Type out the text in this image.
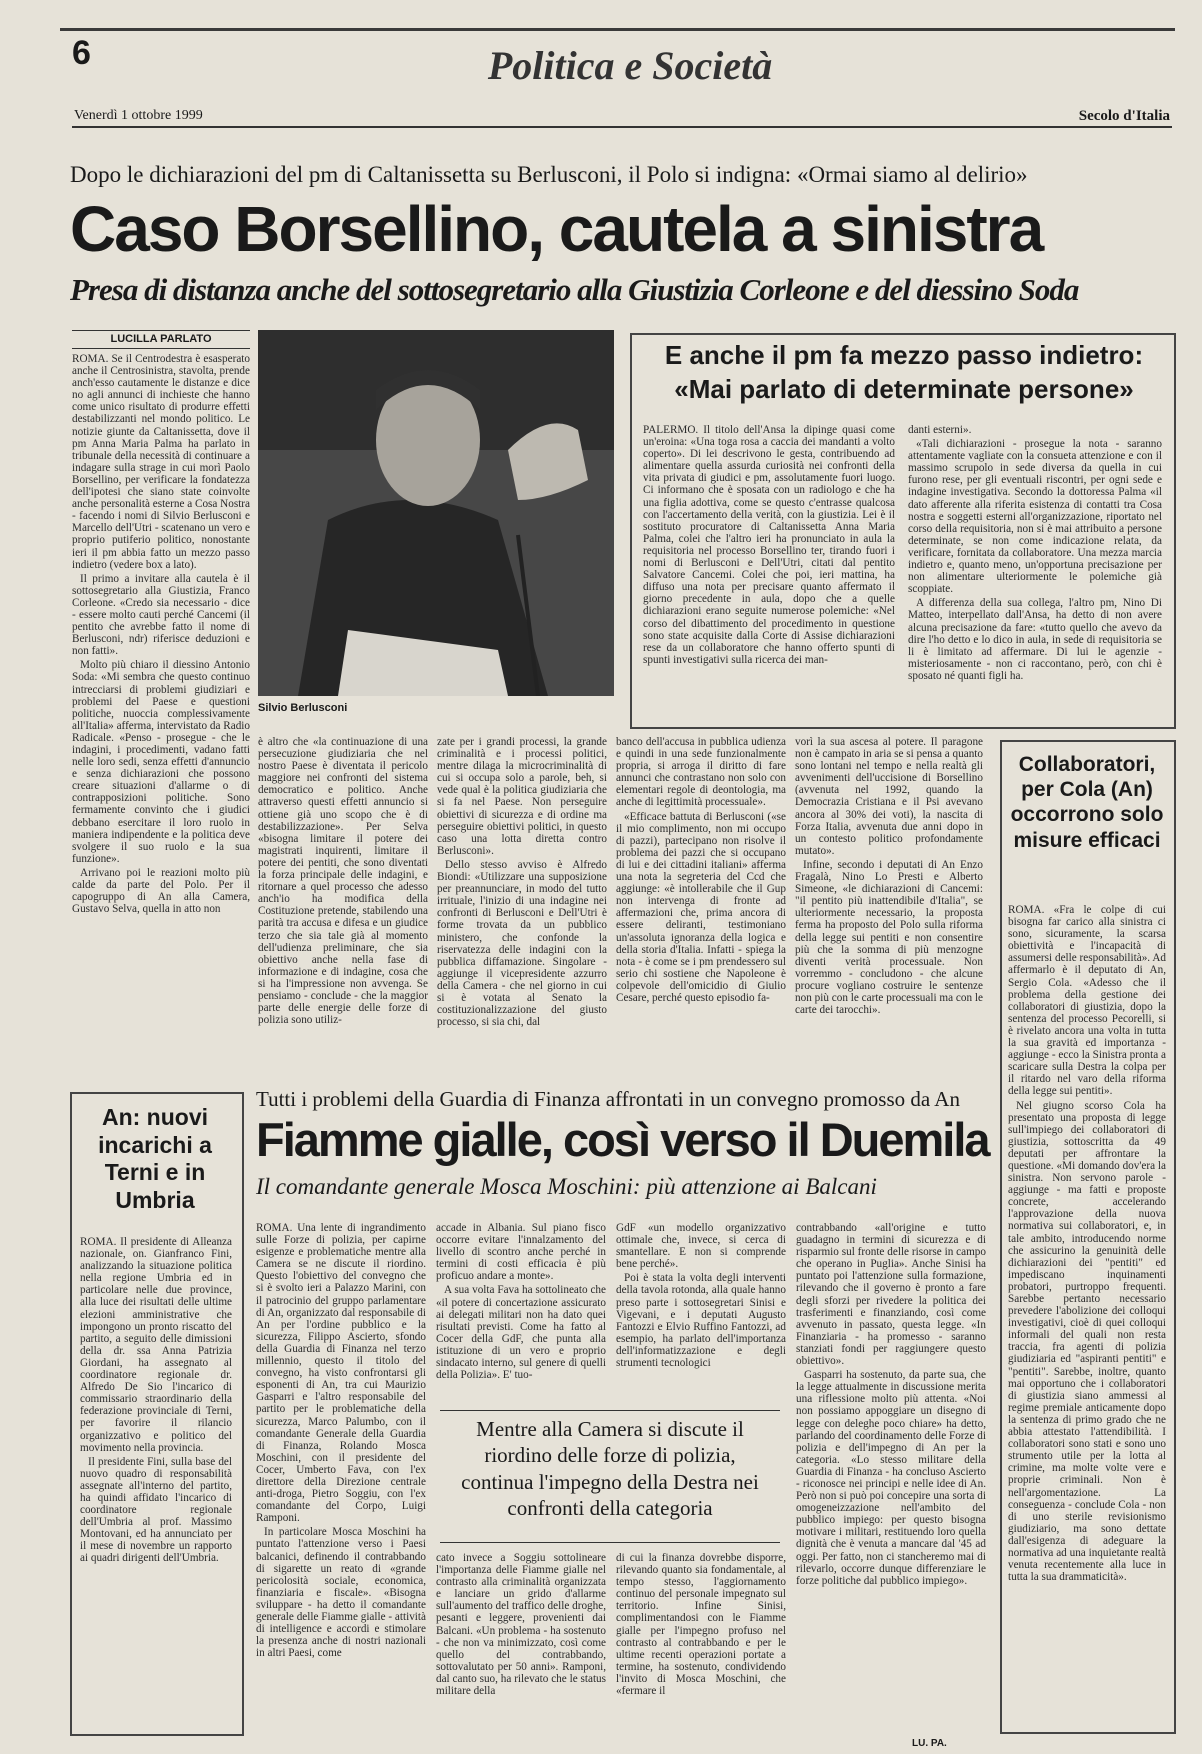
6	Politica e Società
Venerdì 1 ottobre 1999	Secolo d'Italia
Dopo le dichiarazioni del pm di Caltanissetta su Berlusconi, il Polo si indigna: «Ormai siamo al delirio»
Caso Borsellino, cautela a sinistra
Presa di distanza anche del sottosegretario alla Giustizia Corleone e del diessino Soda
LUCILLA PARLATO

ROMA. Se il Centrodestra è esasperato anche il Centrosinistra, stavolta, prende anch'esso cautamente le distanze e dice no agli annunci di inchieste che hanno come unico risultato di produrre effetti destabilizzanti nel mondo politico. Le notizie giunte da Caltanissetta, dove il pm Anna Maria Palma ha parlato in tribunale della necessità di continuare a indagare sulla strage in cui morì Paolo Borsellino, per verificare la fondatezza dell'ipotesi che siano state coinvolte anche personalità esterne a Cosa Nostra - facendo i nomi di Silvio Berlusconi e Marcello dell'Utri - scatenano un vero e proprio putiferio politico, nonostante ieri il pm abbia fatto un mezzo passo indietro (vedere box a lato).

Il primo a invitare alla cautela è il sottosegretario alla Giustizia, Franco Corleone. «Credo sia necessario - dice - essere molto cauti perché Cancemi (il pentito che avrebbe fatto il nome di Berlusconi, ndr) riferisce deduzioni e non fatti».

Molto più chiaro il diessino Antonio Soda: «Mi sembra che questo continuo intrecciarsi di problemi giudiziari e problemi del Paese e questioni politiche, nuoccia complessivamente all'Italia» afferma, intervistato da Radio Radicale. «Penso - prosegue - che le indagini, i procedimenti, vadano fatti nelle loro sedi, senza effetti d'annuncio e senza dichiarazioni che possono creare situazioni d'allarme o di contrapposizioni politiche. Sono fermamente convinto che i giudici debbano esercitare il loro ruolo in maniera indipendente e la politica deve svolgere il suo ruolo e la sua funzione».

Arrivano poi le reazioni molto più calde da parte del Polo. Per il capogruppo di An alla Camera, Gustavo Selva, quella in atto non

Silvio Berlusconi
E anche il pm fa mezzo passo indietro:
«Mai parlato di determinate persone»

PALERMO. Il titolo dell'Ansa la dipinge quasi come un'eroina: «Una toga rosa a caccia dei mandanti a volto coperto». Di lei descrivono le gesta, contribuendo ad alimentare quella assurda curiosità nei confronti della vita privata di giudici e pm, assolutamente fuori luogo. Ci informano che è sposata con un radiologo e che ha una figlia adottiva, come se questo c'entrasse qualcosa con l'accertamento della verità, con la giustizia. Lei è il sostituto procuratore di Caltanissetta Anna Maria Palma, colei che l'altro ieri ha pronunciato in aula la requisitoria nel processo Borsellino ter, tirando fuori i nomi di Berlusconi e Dell'Utri, citati dal pentito Salvatore Cancemi. Colei che poi, ieri mattina, ha diffuso una nota per precisare quanto affermato il giorno precedente in aula, dopo che a quelle dichiarazioni erano seguite numerose polemiche: «Nel corso del dibattimento del procedimento in questione sono state acquisite dalla Corte di Assise dichiarazioni rese da un collaboratore che hanno offerto spunti di spunti investigativi sulla ricerca dei man-

danti esterni».

«Tali dichiarazioni - prosegue la nota - saranno attentamente vagliate con la consueta attenzione e con il massimo scrupolo in sede diversa da quella in cui furono rese, per gli eventuali riscontri, per ogni sede e indagine investigativa. Secondo la dottoressa Palma «il dato afferente alla riferita esistenza di contatti tra Cosa nostra e soggetti esterni all'organizzazione, riportato nel corso della requisitoria, non si è mai attribuito a persone determinate, se non come indicazione relata, da verificare, fornitata da collaboratore. Una mezza marcia indietro e, quanto meno, un'opportuna precisazione per non alimentare ulteriormente le polemiche già scoppiate.

A differenza della sua collega, l'altro pm, Nino Di Matteo, interpellato dall'Ansa, ha detto di non avere alcuna precisazione da fare: «tutto quello che avevo da dire l'ho detto e lo dico in aula, in sede di requisitoria se li è limitato ad affermare. Di lui le agenzie - misteriosamente - non ci raccontano, però, con chi è sposato né quanti figli ha.

è altro che «la continuazione di una persecuzione giudiziaria che nel nostro Paese è diventata il pericolo maggiore nei confronti del sistema democratico e politico. Anche attraverso questi effetti annuncio si ottiene già uno scopo che è di destabilizzazione». Per Selva «bisogna limitare il potere dei magistrati inquirenti, limitare il potere dei pentiti, che sono diventati la forza principale delle indagini, e ritornare a quel processo che adesso anch'io ha modifica della Costituzione pretende, stabilendo una parità tra accusa e difesa e un giudice terzo che sia tale già al momento dell'udienza preliminare, che sia obiettivo anche nella fase di informazione e di indagine, cosa che si ha l'impressione non avvenga. Se pensiamo - conclude - che la maggior parte delle energie delle forze di polizia sono utiliz-

zate per i grandi processi, la grande criminalità e i processi politici, mentre dilaga la microcriminalità di cui si occupa solo a parole, beh, si vede qual è la politica giudiziaria che si fa nel Paese. Non perseguire obiettivi di sicurezza e di ordine ma perseguire obiettivi politici, in questo caso una lotta diretta contro Berlusconi».

Dello stesso avviso è Alfredo Biondi: «Utilizzare una supposizione per preannunciare, in modo del tutto irrituale, l'inizio di una indagine nei confronti di Berlusconi e Dell'Utri è forme trovata da un pubblico ministero, che confonde la riservatezza delle indagini con la pubblica diffamazione. Singolare - aggiunge il vicepresidente azzurro della Camera - che nel giorno in cui si è votata al Senato la costituzionalizzazione del giusto processo, si sia chi, dal

banco dell'accusa in pubblica udienza e quindi in una sede funzionalmente propria, si arroga il diritto di fare annunci che contrastano non solo con elementari regole di deontologia, ma anche di legittimità processuale».

«Efficace battuta di Berlusconi («se il mio complimento, non mi occupo di pazzi), partecipano non risolve il problema dei pazzi che si occupano di lui e dei cittadini italiani» afferma una nota la segreteria del Ccd che aggiunge: «è intollerabile che il Gup non intervenga di fronte ad affermazioni che, prima ancora di essere deliranti, testimoniano un'assoluta ignoranza della logica e della storia d'Italia. Infatti - spiega la nota - è come se i pm prendessero sul serio chi sostiene che Napoleone è colpevole dell'omicidio di Giulio Cesare, perché questo episodio fa-

vorì la sua ascesa al potere. Il paragone non è campato in aria se si pensa a quanto sono lontani nel tempo e nella realtà gli avvenimenti dell'uccisione di Borsellino (avvenuta nel 1992, quando la Democrazia Cristiana e il Psi avevano ancora al 30% dei voti), la nascita di Forza Italia, avvenuta due anni dopo in un contesto politico profondamente mutato».

Infine, secondo i deputati di An Enzo Fragalà, Nino Lo Presti e Alberto Simeone, «le dichiarazioni di Cancemi: "il pentito più inattendibile d'Italia", se ulteriormente necessario, la proposta ferma ha proposto del Polo sulla riforma della legge sui pentiti e non consentire più che la somma di più menzogne diventi verità processuale. Non vorremmo - concludono - che alcune procure vogliano costruire le sentenze non più con le carte processuali ma con le carte dei tarocchi».

Collaboratori, per Cola (An) occorrono solo misure efficaci

ROMA. «Fra le colpe di cui bisogna far carico alla sinistra ci sono, sicuramente, la scarsa obiettività e l'incapacità di assumersi delle responsabilità». Ad affermarlo è il deputato di An, Sergio Cola. «Adesso che il problema della gestione dei collaboratori di giustizia, dopo la sentenza del processo Pecorelli, si è rivelato ancora una volta in tutta la sua gravità ed importanza - aggiunge - ecco la Sinistra pronta a scaricare sulla Destra la colpa per il ritardo nel varo della riforma della legge sui pentiti».

Nel giugno scorso Cola ha presentato una proposta di legge sull'impiego dei collaboratori di giustizia, sottoscritta da 49 deputati per affrontare la questione. «Mi domando dov'era la sinistra. Non servono parole - aggiunge - ma fatti e proposte concrete, accelerando l'approvazione della nuova normativa sui collaboratori, e, in tale ambito, introducendo norme che assicurino la genuinità delle dichiarazioni dei "pentiti" ed impediscano inquinamenti probatori, purtroppo frequenti. Sarebbe pertanto necessario prevedere l'abolizione dei colloqui investigativi, cioè di quei colloqui informali del quali non resta traccia, fra agenti di polizia giudiziaria ed "aspiranti pentiti" e "pentiti". Sarebbe, inoltre, quanto mai opportuno che i collaboratori di giustizia siano ammessi al regime premiale anticamente dopo la sentenza di primo grado che ne abbia attestato l'attendibilità. I collaboratori sono stati e sono uno strumento utile per la lotta al crimine, ma molte volte vere e proprie criminali. Non è nell'argomentazione. La conseguenza - conclude Cola - non di uno sterile revisionismo giudiziario, ma sono dettate dall'esigenza di adeguare la normativa ad una inquietante realtà venuta recentemente alla luce in tutta la sua drammaticità».

An: nuovi incarichi a Terni e in Umbria

ROMA. Il presidente di Alleanza nazionale, on. Gianfranco Fini, analizzando la situazione politica nella regione Umbria ed in particolare nelle due province, alla luce dei risultati delle ultime elezioni amministrative che impongono un pronto riscatto del partito, a seguito delle dimissioni della dr. ssa Anna Patrizia Giordani, ha assegnato al coordinatore regionale dr. Alfredo De Sio l'incarico di commissario straordinario della federazione provinciale di Terni, per favorire il rilancio organizzativo e politico del movimento nella provincia.

Il presidente Fini, sulla base del nuovo quadro di responsabilità assegnate all'interno del partito, ha quindi affidato l'incarico di coordinatore regionale dell'Umbria al prof. Massimo Montovani, ed ha annunciato per il mese di novembre un rapporto ai quadri dirigenti dell'Umbria.

Tutti i problemi della Guardia di Finanza affrontati in un convegno promosso da An
Fiamme gialle, così verso il Duemila
Il comandante generale Mosca Moschini: più attenzione ai Balcani

ROMA. Una lente di ingrandimento sulle Forze di polizia, per capirne esigenze e problematiche mentre alla Camera se ne discute il riordino. Questo l'obiettivo del convegno che si è svolto ieri a Palazzo Marini, con il patrocinio del gruppo parlamentare di An, organizzato dal responsabile di An per l'ordine pubblico e la sicurezza, Filippo Ascierto, sfondo della Guardia di Finanza nel terzo millennio, questo il titolo del convegno, ha visto confrontarsi gli esponenti di An, tra cui Maurizio Gasparri e l'altro responsabile del partito per le problematiche della sicurezza, Marco Palumbo, con il comandante Generale della Guardia di Finanza, Rolando Mosca Moschini, con il presidente del Cocer, Umberto Fava, con l'ex direttore della Direzione centrale anti-droga, Pietro Soggiu, con l'ex comandante del Corpo, Luigi Ramponi.

In particolare Mosca Moschini ha puntato l'attenzione verso i Paesi balcanici, definendo il contrabbando di sigarette un reato di «grande pericolosità sociale, economica, finanziaria e fiscale». «Bisogna sviluppare - ha detto il comandante generale delle Fiamme gialle - attività di intelligence e accordi e stimolare la presenza anche di nostri nazionali in altri Paesi, come

accade in Albania. Sul piano fisco occorre evitare l'innalzamento del livello di scontro anche perché in termini di costi efficacia è più proficuo andare a monte».

A sua volta Fava ha sottolineato che «il potere di concertazione assicurato ai delegati militari non ha dato quei risultati previsti. Come ha fatto al Cocer della GdF, che punta alla istituzione di un vero e proprio sindacato interno, sul genere di quelli della Polizia». E' tuo-

GdF «un modello organizzativo ottimale che, invece, si cerca di smantellare. E non si comprende bene perché».

Poi è stata la volta degli interventi della tavola rotonda, alla quale hanno preso parte i sottosegretari Sinisi e Vigevani, e i deputati Augusto Fantozzi e Elvio Ruffino Fantozzi, ad esempio, ha parlato dell'importanza dell'informatizzazione e degli strumenti tecnologici

contrabbando «all'origine e tutto guadagno in termini di sicurezza e di risparmio sul fronte delle risorse in campo che operano in Puglia». Anche Sinisi ha puntato poi l'attenzione sulla formazione, rilevando che il governo è pronto a fare degli sforzi per rivedere la politica dei trasferimenti e finanziando, così come avvenuto in passato, questa legge. «In Finanziaria - ha promesso - saranno stanziati fondi per raggiungere questo obiettivo».

Gasparri ha sostenuto, da parte sua, che la legge attualmente in discussione merita una riflessione molto più attenta. «Noi non possiamo appoggiare un disegno di legge con deleghe poco chiare» ha detto, parlando del coordinamento delle Forze di polizia e dell'impegno di An per la categoria. «Lo stesso militare della Guardia di Finanza - ha concluso Ascierto - riconosce nei principi e nelle idee di An. Però non si può poi concepire una sorta di omogeneizzazione nell'ambito del pubblico impiego: per questo bisogna motivare i militari, restituendo loro quella dignità che è venuta a mancare dal '45 ad oggi. Per fatto, non ci stancheremo mai di rilevarlo, occorre dunque differenziare le forze politiche dal pubblico impiego».

Mentre alla Camera si discute il riordino delle forze di polizia, continua l'impegno della Destra nei confronti della categoria

cato invece a Soggiu sottolineare l'importanza delle Fiamme gialle nel contrasto alla criminalità organizzata e lanciare un grido d'allarme sull'aumento del traffico delle droghe, pesanti e leggere, provenienti dai Balcani. «Un problema - ha sostenuto - che non va minimizzato, così come quello del contrabbando, sottovalutato per 50 anni». Ramponi, dal canto suo, ha rilevato che le status militare della

di cui la finanza dovrebbe disporre, rilevando quanto sia fondamentale, al tempo stesso, l'aggiornamento continuo del personale impegnato sul territorio. Infine Sinisi, complimentandosi con le Fiamme gialle per l'impegno profuso nel contrasto al contrabbando e per le ultime recenti operazioni portate a termine, ha sostenuto, condividendo l'invito di Mosca Moschini, che «fermare il

LU. PA.
